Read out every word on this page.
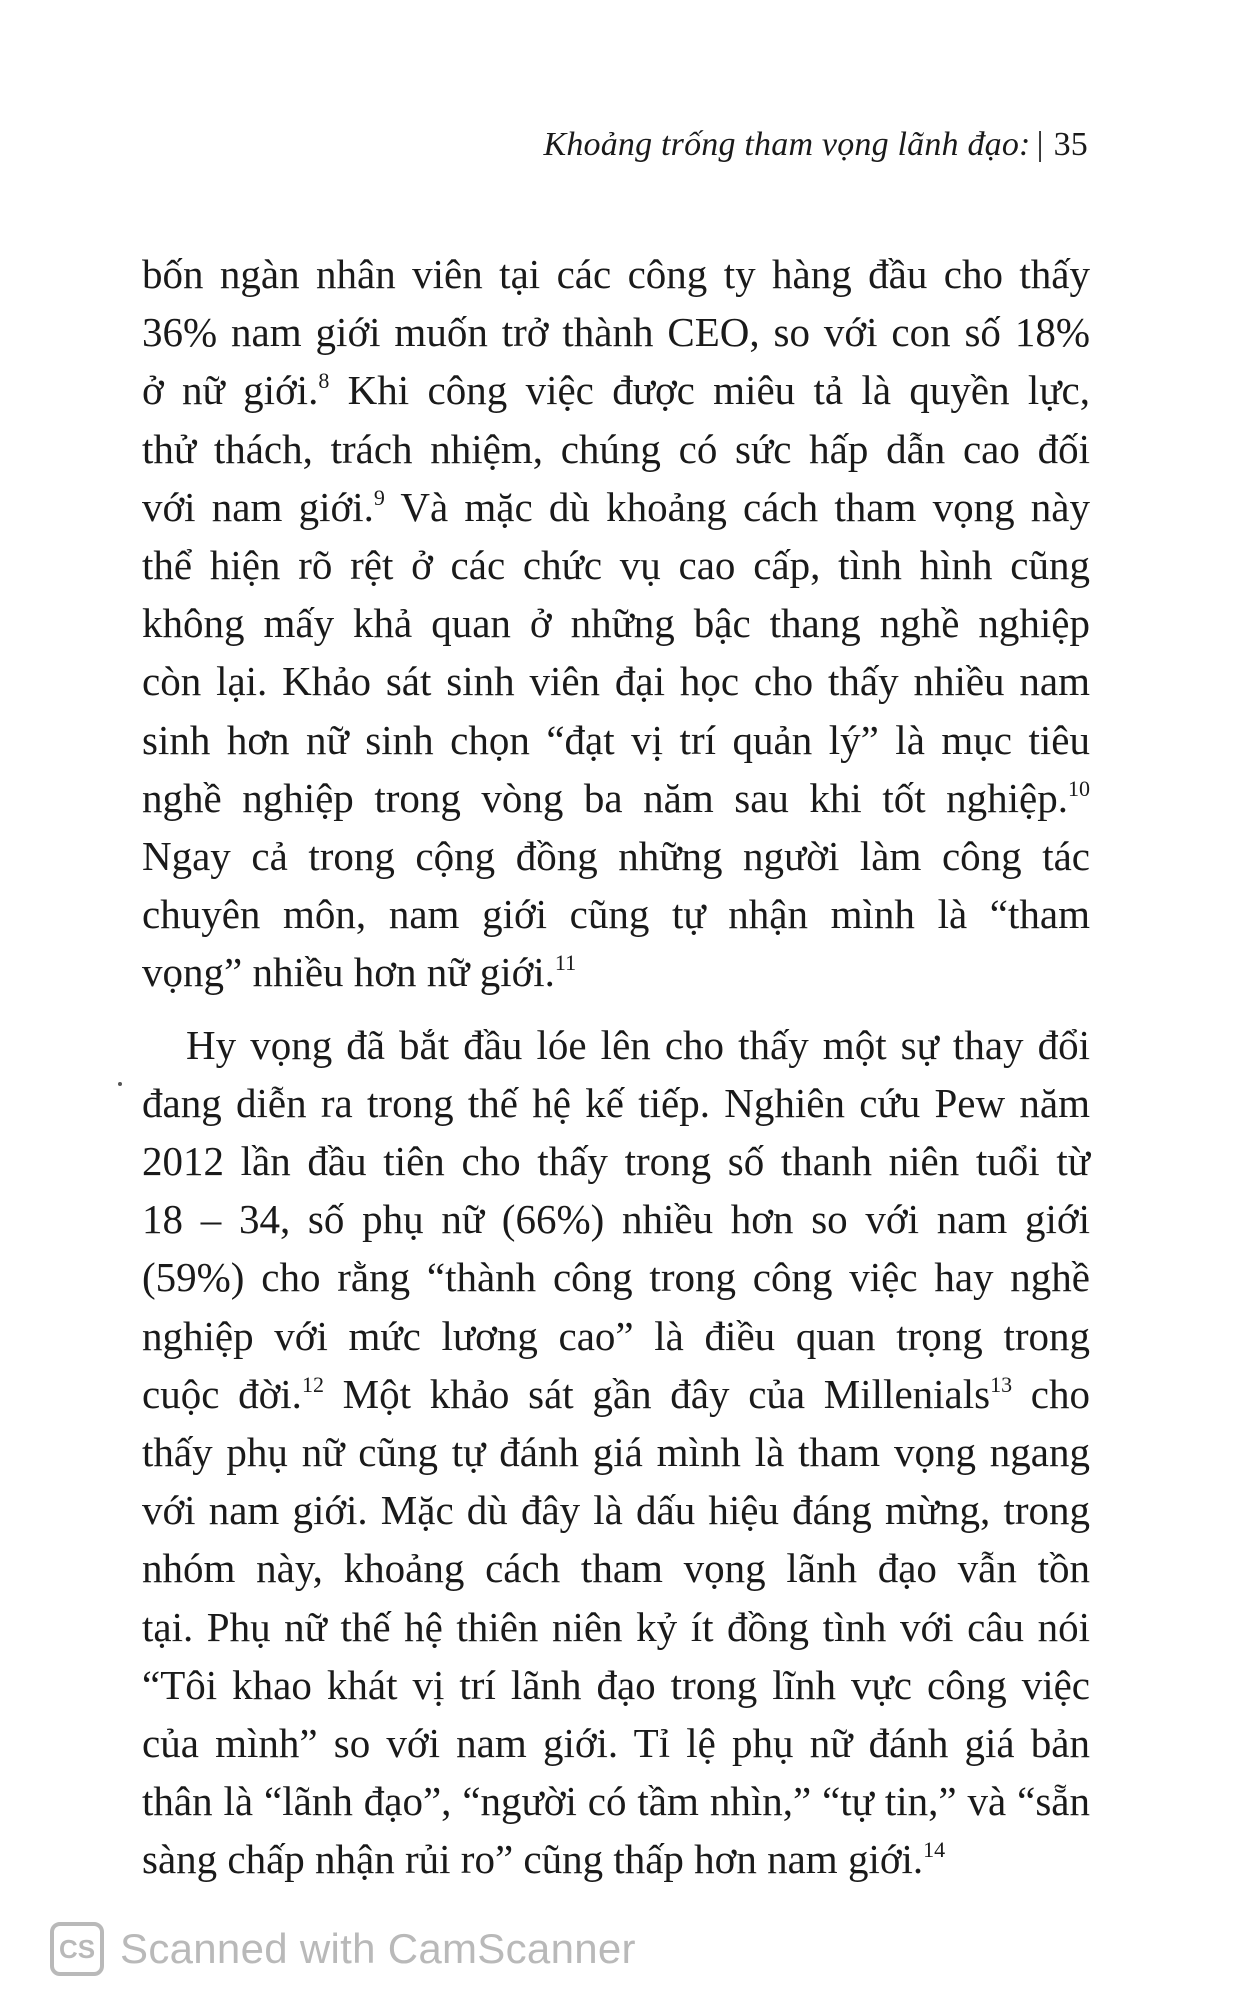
Khoảng trống tham vọng lãnh đạo: | 35
bốn ngàn nhân viên tại các công ty hàng đầu cho thấy
36% nam giới muốn trở thành CEO, so với con số 18%
ở nữ giới.$^8$ Khi công việc được miêu tả là quyền lực,
thử thách, trách nhiệm, chúng có sức hấp dẫn cao đối
với nam giới.$^9$ Và mặc dù khoảng cách tham vọng này
thể hiện rõ rệt ở các chức vụ cao cấp, tình hình cũng
không mấy khả quan ở những bậc thang nghề nghiệp
còn lại. Khảo sát sinh viên đại học cho thấy nhiều nam
sinh hơn nữ sinh chọn “đạt vị trí quản lý” là mục tiêu
nghề nghiệp trong vòng ba năm sau khi tốt nghiệp.$^{10}$
Ngay cả trong cộng đồng những người làm công tác
chuyên môn, nam giới cũng tự nhận mình là “tham
vọng” nhiều hơn nữ giới.$^{11}$
Hy vọng đã bắt đầu lóe lên cho thấy một sự thay đổi
đang diễn ra trong thế hệ kế tiếp. Nghiên cứu Pew năm
2012 lần đầu tiên cho thấy trong số thanh niên tuổi từ
18 – 34, số phụ nữ (66%) nhiều hơn so với nam giới
(59%) cho rằng “thành công trong công việc hay nghề
nghiệp với mức lương cao” là điều quan trọng trong
cuộc đời.$^{12}$ Một khảo sát gần đây của Millenials$^{13}$ cho
thấy phụ nữ cũng tự đánh giá mình là tham vọng ngang
với nam giới. Mặc dù đây là dấu hiệu đáng mừng, trong
nhóm này, khoảng cách tham vọng lãnh đạo vẫn tồn
tại. Phụ nữ thế hệ thiên niên kỷ ít đồng tình với câu nói
“Tôi khao khát vị trí lãnh đạo trong lĩnh vực công việc
của mình” so với nam giới. Tỉ lệ phụ nữ đánh giá bản
thân là “lãnh đạo”, “người có tầm nhìn,” “tự tin,” và “sẵn
sàng chấp nhận rủi ro” cũng thấp hơn nam giới.$^{14}$
CS Scanned with CamScanner
